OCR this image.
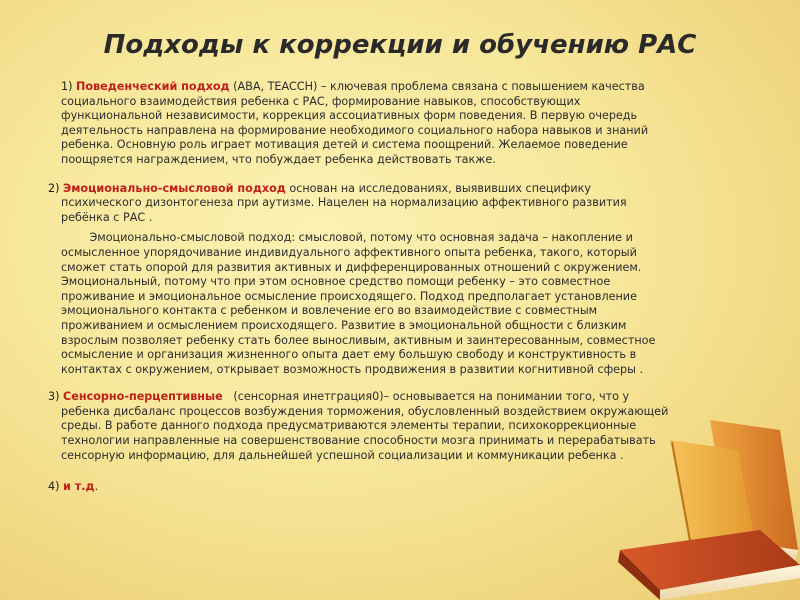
Подходы к коррекции и обучению РАС
1) Поведенческий подход (ABA, TEACCH) – ключевая проблема связана с повышением качества
социального взаимодействия ребенка с РАС, формирование навыков, способствующих
функциональной независимости, коррекция ассоциативных форм поведения. В первую очередь
деятельность направлена на формирование необходимого социального набора навыков и знаний
ребенка. Основную роль играет мотивация детей и система поощрений. Желаемое поведение
поощряется награждением, что побуждает ребенка действовать также.
2) Эмоционально-смысловой подход основан на исследованиях, выявивших специфику
психического дизонтогенеза при аутизме. Нацелен на нормализацию аффективного развития
ребёнка с РАС .
Эмоционально-смысловой подход: смысловой, потому что основная задача – накопление и
осмысленное упорядочивание индивидуального аффективного опыта ребенка, такого, который
сможет стать опорой для развития активных и дифференцированных отношений с окружением.
Эмоциональный, потому что при этом основное средство помощи ребенку – это совместное
проживание и эмоциональное осмысление происходящего. Подход предполагает установление
эмоционального контакта с ребенком и вовлечение его во взаимодействие с совместным
проживанием и осмыслением происходящего. Развитие в эмоциональной общности с близким
взрослым позволяет ребенку стать более выносливым, активным и заинтересованным, совместное
осмысление и организация жизненного опыта дает ему большую свободу и конструктивность в
контактах с окружением, открывает возможность продвижения в развитии когнитивной сферы .
3) Сенсорно-перцептивные   (сенсорная инетграция0)– основывается на понимании того, что у
ребенка дисбаланс процессов возбуждения торможения, обусловленный воздействием окружающей
среды. В работе данного подхода предусматриваются элементы терапии, психокоррекционные
технологии направленные на совершенствование способности мозга принимать и перерабатывать
сенсорную информацию, для дальнейшей успешной социализации и коммуникации ребенка .
4) и т.д.
